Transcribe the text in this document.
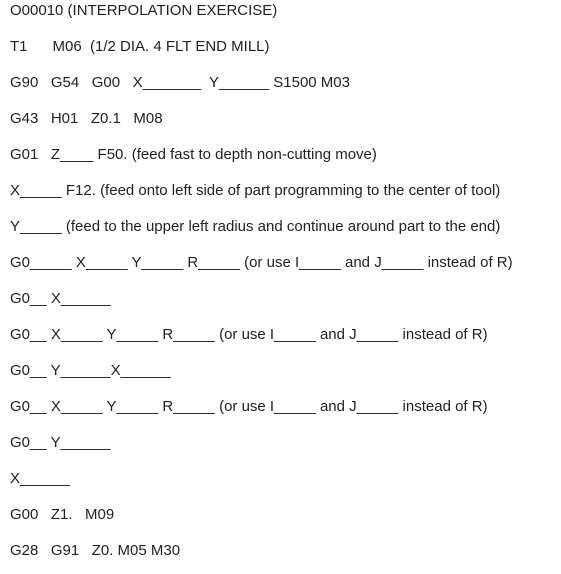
O00010 (INTERPOLATION EXERCISE)
T1      M06  (1/2 DIA. 4 FLT END MILL)
G90   G54   G00   X_______  Y______ S1500 M03
G43   H01   Z0.1   M08
G01   Z____ F50. (feed fast to depth non-cutting move)
X_____ F12. (feed onto left side of part programming to the center of tool)
Y_____ (feed to the upper left radius and continue around part to the end)
G0_____ X_____ Y_____ R_____ (or use I_____ and J_____ instead of R)
G0__ X______
G0__ X_____ Y_____ R_____ (or use I_____ and J_____ instead of R)
G0__ Y______X______
G0__ X_____ Y_____ R_____ (or use I_____ and J_____ instead of R)
G0__ Y______
X______
G00   Z1.   M09
G28   G91   Z0. M05 M30
